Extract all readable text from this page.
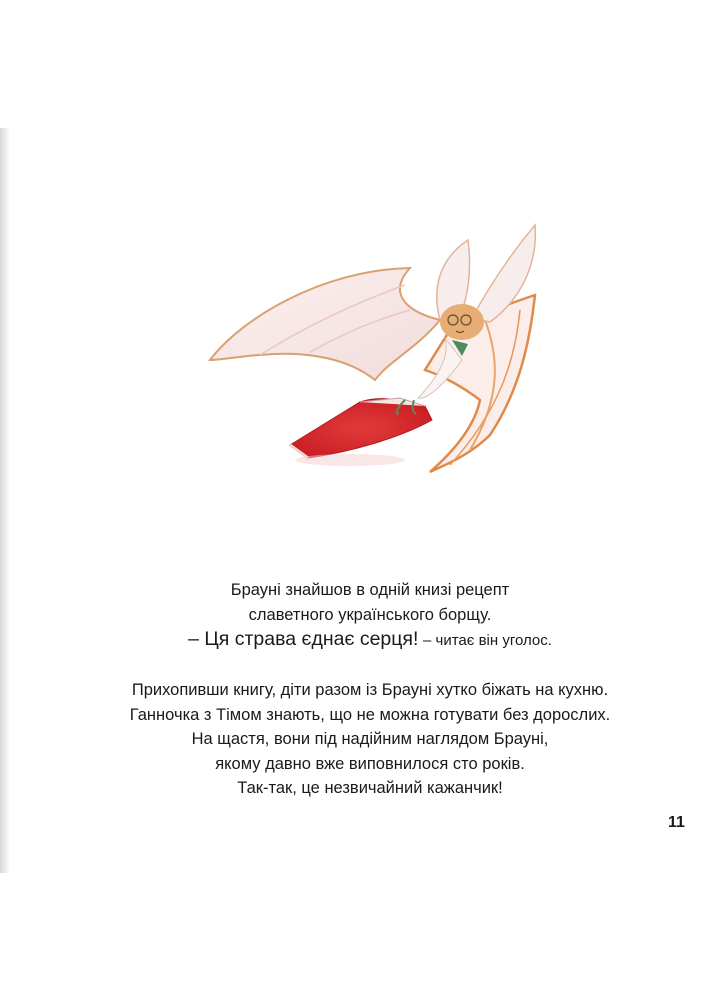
Брауні знайшов в одній книзі рецепт
славетного українського борщу.
– Ця страва єднає серця! – читає він уголос.
Прихопивши книгу, діти разом із Брауні хутко біжать на кухню.
Ганночка з Тімом знають, що не можна готувати без дорослих.
На щастя, вони під надійним наглядом Брауні,
якому давно вже виповнилося сто років.
Так-так, це незвичайний кажанчик!
11
